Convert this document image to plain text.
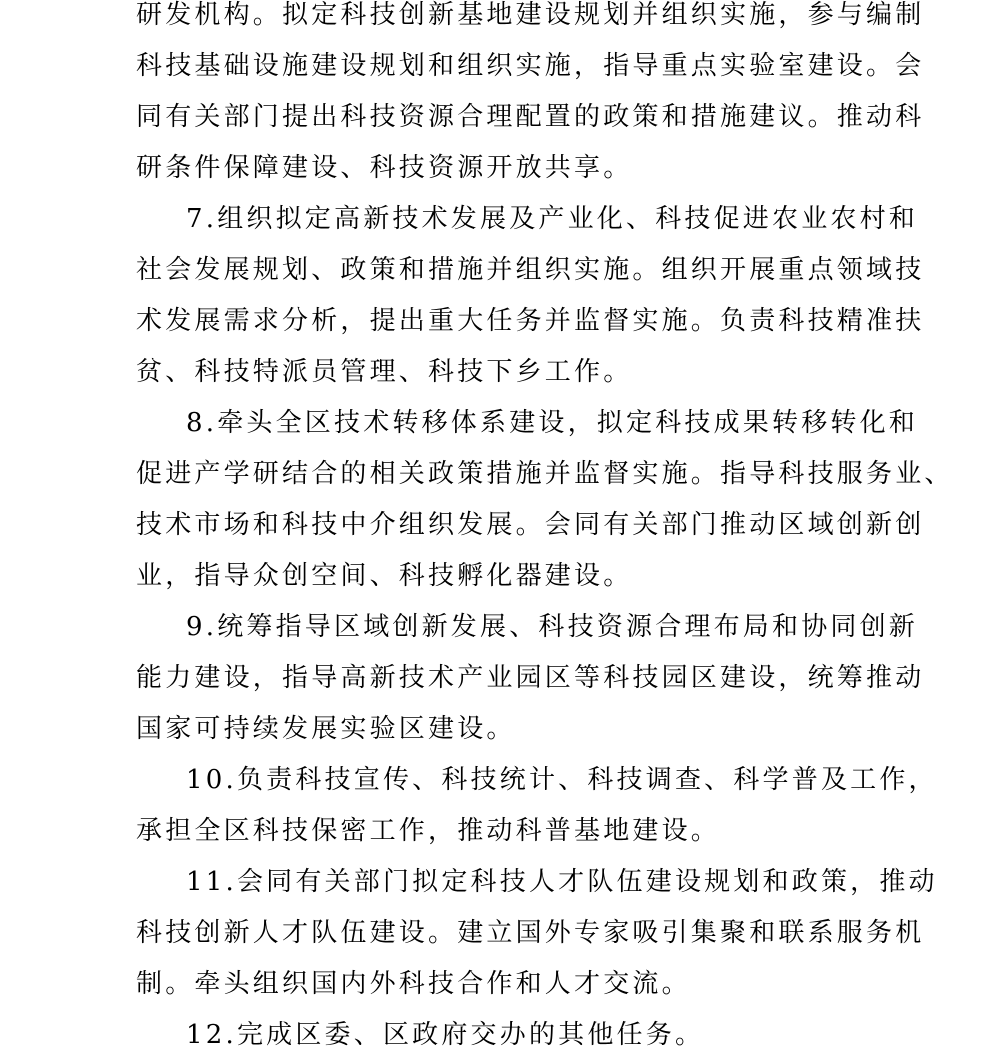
研发机构。拟定科技创新基地建设规划并组织实施，参与编制

科技基础设施建设规划和组织实施，指导重点实验室建设。会

同有关部门提出科技资源合理配置的政策和措施建议。推动科

研条件保障建设、科技资源开放共享。

7.组织拟定高新技术发展及产业化、科技促进农业农村和

社会发展规划、政策和措施并组织实施。组织开展重点领域技

术发展需求分析，提出重大任务并监督实施。负责科技精准扶

贫、科技特派员管理、科技下乡工作。

8.牵头全区技术转移体系建设，拟定科技成果转移转化和

促进产学研结合的相关政策措施并监督实施。指导科技服务业、

技术市场和科技中介组织发展。会同有关部门推动区域创新创

业，指导众创空间、科技孵化器建设。

9.统筹指导区域创新发展、科技资源合理布局和协同创新

能力建设，指导高新技术产业园区等科技园区建设，统筹推动

国家可持续发展实验区建设。

10.负责科技宣传、科技统计、科技调查、科学普及工作，

承担全区科技保密工作，推动科普基地建设。

11.会同有关部门拟定科技人才队伍建设规划和政策，推动

科技创新人才队伍建设。建立国外专家吸引集聚和联系服务机

制。牵头组织国内外科技合作和人才交流。

12.完成区委、区政府交办的其他任务。
